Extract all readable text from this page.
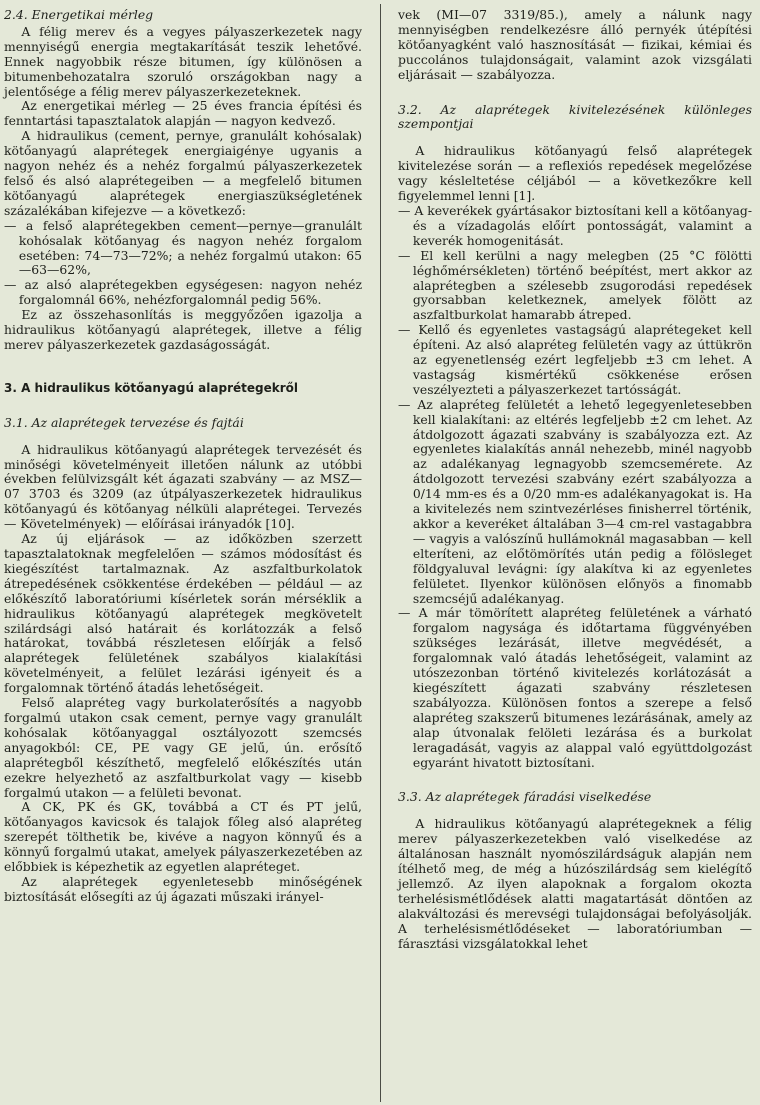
2.4. Energetikai mérleg

A félig merev és a vegyes pályaszerkezetek nagy mennyiségű energia megtakarítását teszik lehetővé. Ennek nagyobbik része bitumen, így különösen a bitumenbehozatalra szoruló országokban nagy a jelentősége a félig merev pályaszerkezeteknek.

Az energetikai mérleg — 25 éves francia építési és fenntartási tapasztalatok alapján — nagyon kedvező.

A hidraulikus (cement, pernye, granulált kohósalak) kötőanyagú alaprétegek energiaigénye ugyanis a nagyon nehéz és a nehéz forgalmú pályaszerkezetek felső és alsó alaprétegeiben — a megfelelő bitumen kötőanyagú alaprétegek energiaszükségletének százalékában kifejezve — a következő:

— a felső alaprétegekben cement—pernye—granulált kohósalak kötőanyag és nagyon nehéz forgalom esetében: 74—73—72%; a nehéz forgalmú utakon: 65—63—62%,

— az alsó alaprétegekben egységesen: nagyon nehéz forgalomnál 66%, nehézforgalomnál pedig 56%.

Ez az összehasonlítás is meggyőzően igazolja a hidraulikus kötőanyagú alaprétegek, illetve a félig merev pályaszerkezetek gazdaságosságát.

3. A hidraulikus kötőanyagú alaprétegekről

3.1. Az alaprétegek tervezése és fajtái

A hidraulikus kötőanyagú alaprétegek tervezését és minőségi követelményeit illetően nálunk az utóbbi években felülvizsgált két ágazati szabvány — az MSZ—07 3703 és 3209 (az útpályaszerkezetek hidraulikus kötőanyagú és kötőanyag nélküli alaprétegei. Tervezés — Követelmények) — előírásai irányadók [10].

Az új eljárások — az időközben szerzett tapasztalatoknak megfelelően — számos módosítást és kiegészítést tartalmaznak. Az aszfaltburkolatok átrepedésének csökkentése érdekében — például — az előkészítő laboratóriumi kísérletek során mérséklik a hidraulikus kötőanyagú alaprétegek megkövetelt szilárdsági alsó határait és korlátozzák a felső határokat, továbbá részletesen előírják a felső alaprétegek felületének szabályos kialakítási követelményeit, a felület lezárási igényeit és a forgalomnak történő átadás lehetőségeit.

Felső alapréteg vagy burkolaterősítés a nagyobb forgalmú utakon csak cement, pernye vagy granulált kohósalak kötőanyaggal osztályozott szemcsés anyagokból: CE, PE vagy GE jelű, ún. erősítő alaprétegből készíthető, megfelelő előkészítés után ezekre helyezhető az aszfaltburkolat vagy — kisebb forgalmú utakon — a felületi bevonat.

A CK, PK és GK, továbbá a CT és PT jelű, kötőanyagos kavicsok és talajok főleg alsó alapréteg szerepét tölthetik be, kivéve a nagyon könnyű és a könnyű forgalmú utakat, amelyek pályaszerkezetében az előbbiek is képezhetik az egyetlen alapréteget.

Az alaprétegek egyenletesebb minőségének biztosítását elősegíti az új ágazati műszaki irányel-

vek (MI—07 3319/85.), amely a nálunk nagy mennyiségben rendelkezésre álló pernyék útépítési kötőanyagként való hasznosítását — fizikai, kémiai és puccolános tulajdonságait, valamint azok vizsgálati eljárásait — szabályozza.

3.2. Az alaprétegek kivitelezésének különleges szempontjai

A hidraulikus kötőanyagú felső alaprétegek kivitelezése során — a reflexiós repedések megelőzése vagy késleltetése céljából — a következőkre kell figyelemmel lenni [1].

— A keverékek gyártásakor biztosítani kell a kötőanyag- és a vízadagolás előírt pontosságát, valamint a keverék homogenitását.

— El kell kerülni a nagy melegben (25 °C fölötti léghőmérsékleten) történő beépítést, mert akkor az alaprétegben a szélesebb zsugorodási repedések gyorsabban keletkeznek, amelyek fölött az aszfaltburkolat hamarabb átreped.

— Kellő és egyenletes vastagságú alaprétegeket kell építeni. Az alsó alapréteg felületén vagy az úttükrön az egyenetlenség ezért legfeljebb ±3 cm lehet. A vastagság kismértékű csökkenése erősen veszélyezteti a pályaszerkezet tartósságát.

— Az alapréteg felületét a lehető legegyenletesebben kell kialakítani: az eltérés legfeljebb ±2 cm lehet. Az átdolgozott ágazati szabvány is szabályozza ezt. Az egyenletes kialakítás annál nehezebb, minél nagyobb az adalékanyag legnagyobb szemcsemérete. Az átdolgozott tervezési szabvány ezért szabályozza a 0/14 mm-es és a 0/20 mm-es adalékanyagokat is. Ha a kivitelezés nem szintvezérléses finisherrel történik, akkor a keveréket általában 3—4 cm-rel vastagabbra — vagyis a valószínű hullámoknál magasabban — kell elteríteni, az előtömörítés után pedig a fölösleget földgyaluval levágni: így alakítva ki az egyenletes felületet. Ilyenkor különösen előnyös a finomabb szemcséjű adalékanyag.

— A már tömörített alapréteg felületének a várható forgalom nagysága és időtartama függvényében szükséges lezárását, illetve megvédését, a forgalomnak való átadás lehetőségeit, valamint az utószezonban történő kivitelezés korlátozását a kiegészített ágazati szabvány részletesen szabályozza. Különösen fontos a szerepe a felső alapréteg szakszerű bitumenes lezárásának, amely az alap útvonalak felöleti lezárása és a burkolat leragadását, vagyis az alappal való együttdolgozást egyaránt hivatott biztosítani.

3.3. Az alaprétegek fáradási viselkedése

A hidraulikus kötőanyagú alaprétegeknek a félig merev pályaszerkezetekben való viselkedése az általánosan használt nyomószilárdságuk alapján nem ítélhető meg, de még a húzószilárdság sem kielégítő jellemző. Az ilyen alapoknak a forgalom okozta terhelésismétlődések alatti magatartását döntően az alakváltozási és merevségi tulajdonságai befolyásolják. A terhelésismétlődéseket — laboratóriumban — fárasztási vizsgálatokkal lehet
